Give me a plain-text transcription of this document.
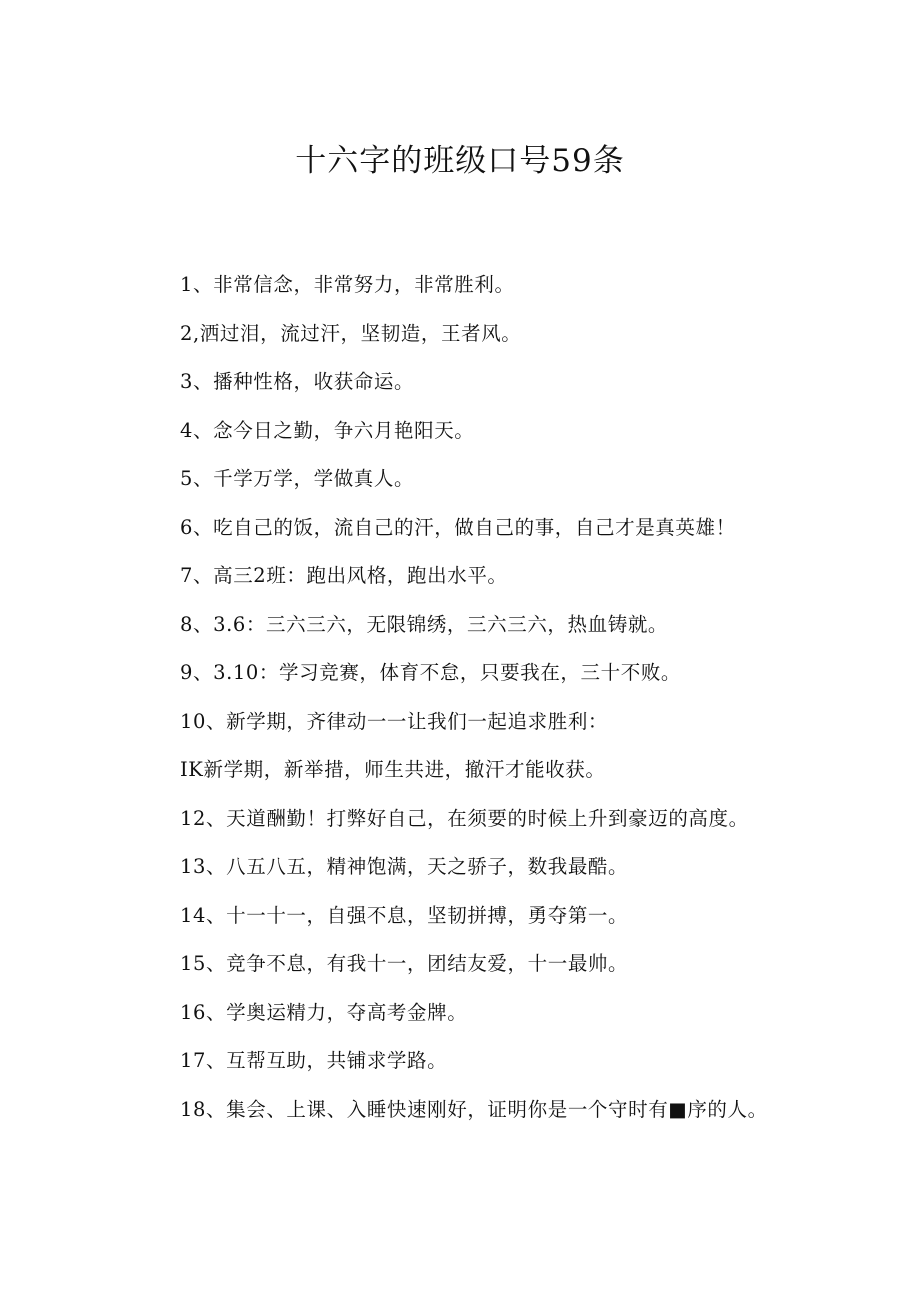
十六字的班级口号59条
1、非常信念，非常努力，非常胜利。
2,洒过泪，流过汗，坚韧造，王者风。
3、播种性格，收获命运。
4、念今日之勤，争六月艳阳天。
5、千学万学，学做真人。
6、吃自己的饭，流自己的汗，做自己的事，自己才是真英雄！
7、高三2班：跑出风格，跑出水平。
8、3.6：三六三六，无限锦绣，三六三六，热血铸就。
9、3.10：学习竞赛，体育不怠，只要我在，三十不败。
10、新学期，齐律动一一让我们一起追求胜利：
IK新学期，新举措，师生共进，撤汗才能收获。
12、天道酬勤！打弊好自己，在须要的时候上升到豪迈的高度。
13、八五八五，精神饱满，天之骄子，数我最酷。
14、十一十一，自强不息，坚韧拼搏，勇夺第一。
15、竞争不息，有我十一，团结友爱，十一最帅。
16、学奥运精力，夺高考金牌。
17、互帮互助，共铺求学路。
18、集会、上课、入睡快速刚好，证明你是一个守时有■序的人。
